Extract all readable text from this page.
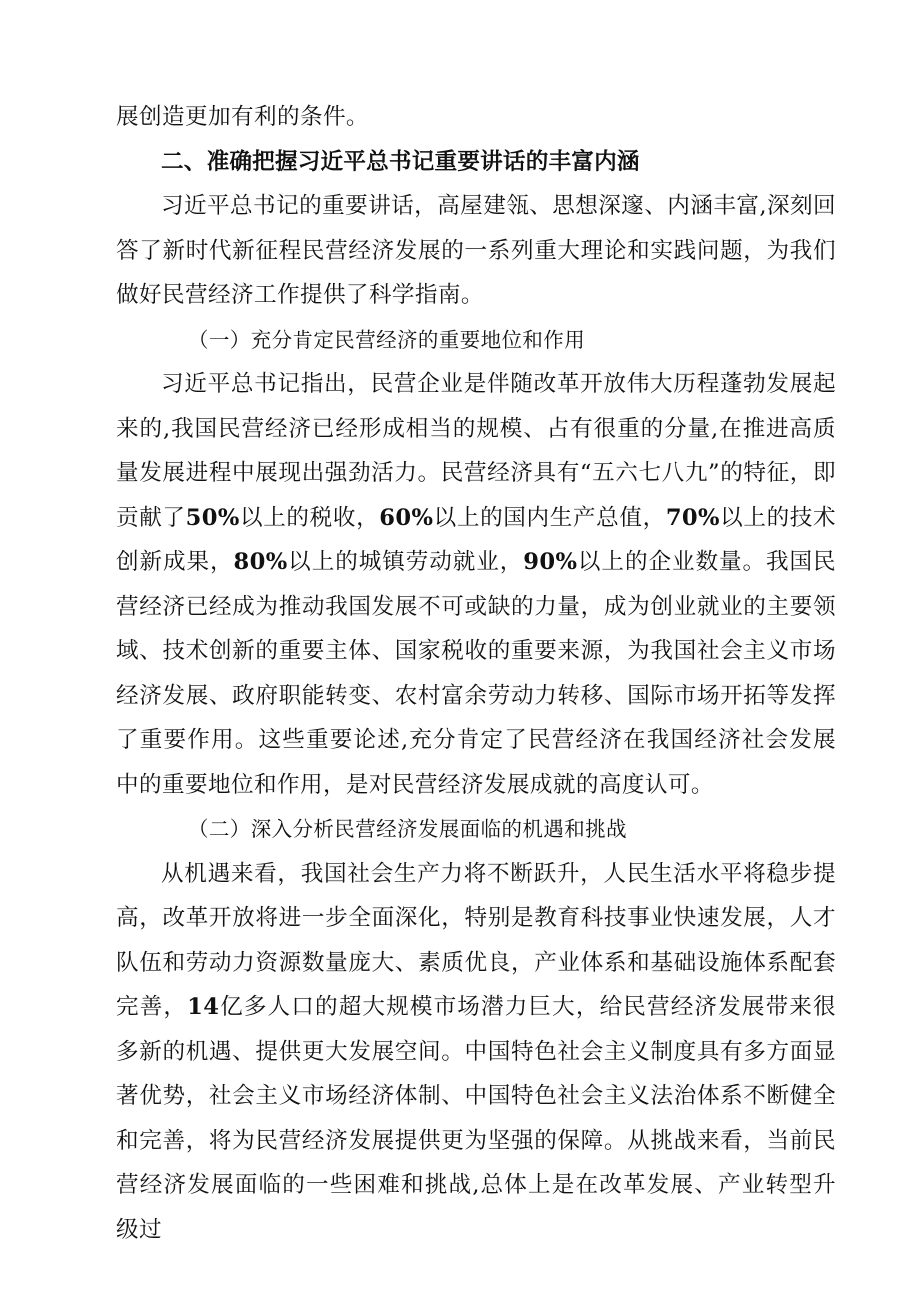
展创造更加有利的条件。

二、准确把握习近平总书记重要讲话的丰富内涵

习近平总书记的重要讲话，高屋建瓴、思想深邃、内涵丰富,深刻回答了新时代新征程民营经济发展的一系列重大理论和实践问题，为我们做好民营经济工作提供了科学指南。

（一）充分肯定民营经济的重要地位和作用

习近平总书记指出，民营企业是伴随改革开放伟大历程蓬勃发展起来的,我国民营经济已经形成相当的规模、占有很重的分量,在推进高质量发展进程中展现出强劲活力。民营经济具有“五六七八九”的特征，即贡献了50%以上的税收，60%以上的国内生产总值，70%以上的技术创新成果，80%以上的城镇劳动就业，90%以上的企业数量。我国民营经济已经成为推动我国发展不可或缺的力量，成为创业就业的主要领域、技术创新的重要主体、国家税收的重要来源，为我国社会主义市场经济发展、政府职能转变、农村富余劳动力转移、国际市场开拓等发挥了重要作用。这些重要论述,充分肯定了民营经济在我国经济社会发展中的重要地位和作用，是对民营经济发展成就的高度认可。

（二）深入分析民营经济发展面临的机遇和挑战

从机遇来看，我国社会生产力将不断跃升，人民生活水平将稳步提高，改革开放将进一步全面深化，特别是教育科技事业快速发展，人才队伍和劳动力资源数量庞大、素质优良，产业体系和基础设施体系配套完善，14亿多人口的超大规模市场潜力巨大，给民营经济发展带来很多新的机遇、提供更大发展空间。中国特色社会主义制度具有多方面显著优势，社会主义市场经济体制、中国特色社会主义法治体系不断健全和完善，将为民营经济发展提供更为坚强的保障。从挑战来看，当前民营经济发展面临的一些困难和挑战,总体上是在改革发展、产业转型升级过
